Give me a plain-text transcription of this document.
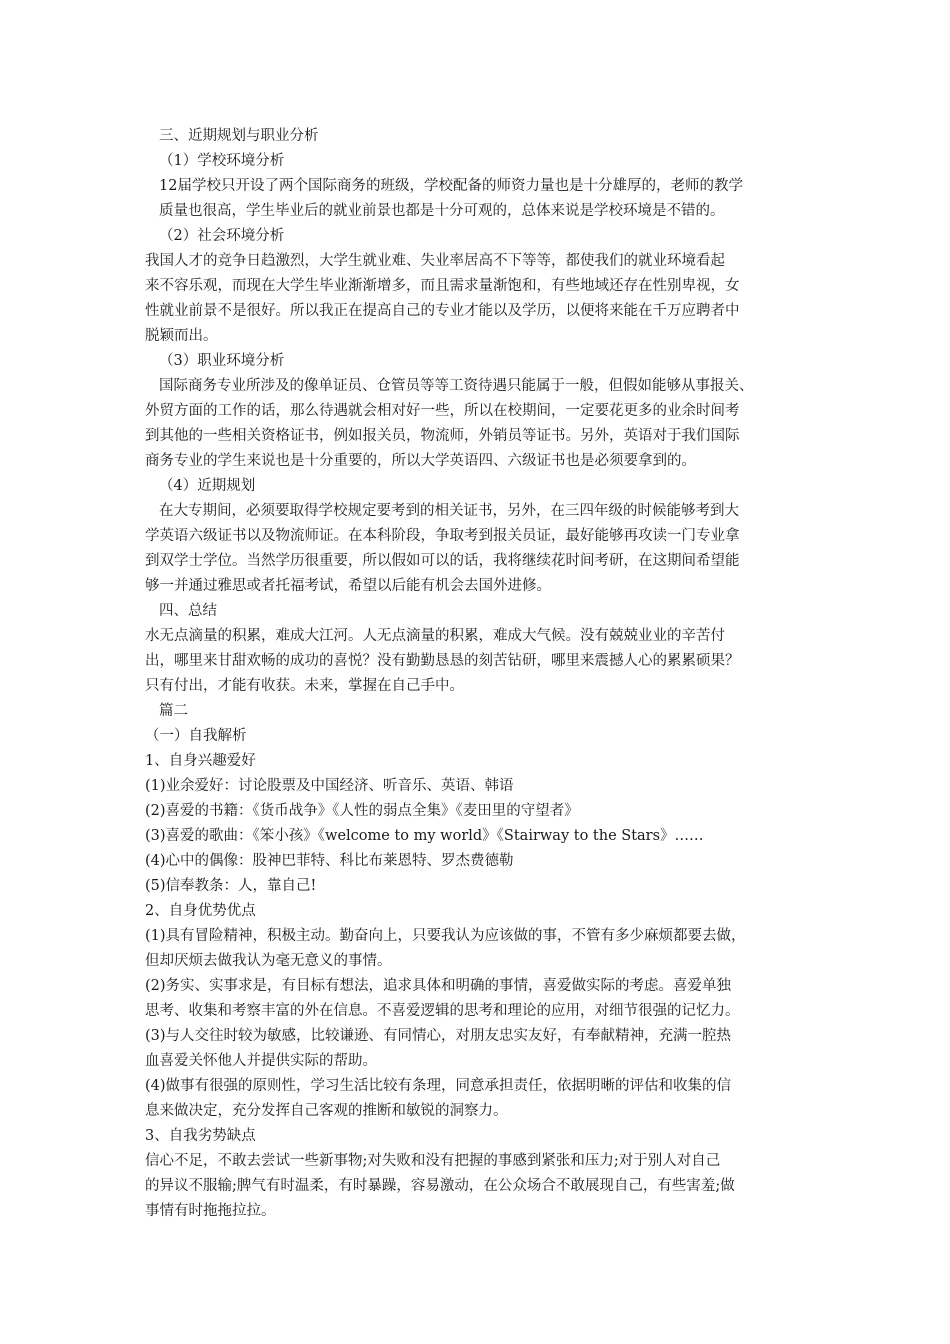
三、近期规划与职业分析
（1）学校环境分析
12届学校只开设了两个国际商务的班级，学校配备的师资力量也是十分雄厚的，老师的教学
质量也很高，学生毕业后的就业前景也都是十分可观的，总体来说是学校环境是不错的。
（2）社会环境分析
我国人才的竞争日趋激烈，大学生就业难、失业率居高不下等等，都使我们的就业环境看起
来不容乐观，而现在大学生毕业渐渐增多，而且需求量渐饱和，有些地域还存在性别卑视，女
性就业前景不是很好。所以我正在提高自己的专业才能以及学历，以便将来能在千万应聘者中
脱颖而出。
（3）职业环境分析
国际商务专业所涉及的像单证员、仓管员等等工资待遇只能属于一般，但假如能够从事报关、
外贸方面的工作的话，那么待遇就会相对好一些，所以在校期间，一定要花更多的业余时间考
到其他的一些相关资格证书，例如报关员，物流师，外销员等证书。另外，英语对于我们国际
商务专业的学生来说也是十分重要的，所以大学英语四、六级证书也是必须要拿到的。
（4）近期规划
在大专期间，必须要取得学校规定要考到的相关证书，另外，在三四年级的时候能够考到大
学英语六级证书以及物流师证。在本科阶段，争取考到报关员证，最好能够再攻读一门专业拿
到双学士学位。当然学历很重要，所以假如可以的话，我将继续花时间考研，在这期间希望能
够一并通过雅思或者托福考试，希望以后能有机会去国外进修。
四、总结
水无点滴量的积累，难成大江河。人无点滴量的积累，难成大气候。没有兢兢业业的辛苦付
出，哪里来甘甜欢畅的成功的喜悦？没有勤勤恳恳的刻苦钻研，哪里来震撼人心的累累硕果？
只有付出，才能有收获。未来，掌握在自己手中。
篇二
（一）自我解析
1、自身兴趣爱好
(1)业余爱好：讨论股票及中国经济、听音乐、英语、韩语
(2)喜爱的书籍：《货币战争》《人性的弱点全集》《麦田里的守望者》
(3)喜爱的歌曲：《笨小孩》《welcome to my world》《Stairway to the Stars》……
(4)心中的偶像：股神巴菲特、科比布莱恩特、罗杰费德勒
(5)信奉教条：人，靠自己!
2、自身优势优点
(1)具有冒险精神，积极主动。勤奋向上，只要我认为应该做的事，不管有多少麻烦都要去做，
但却厌烦去做我认为毫无意义的事情。
(2)务实、实事求是，有目标有想法，追求具体和明确的事情，喜爱做实际的考虑。喜爱单独
思考、收集和考察丰富的外在信息。不喜爱逻辑的思考和理论的应用，对细节很强的记忆力。
(3)与人交往时较为敏感，比较谦逊、有同情心，对朋友忠实友好，有奉献精神，充满一腔热
血喜爱关怀他人并提供实际的帮助。
(4)做事有很强的原则性，学习生活比较有条理，同意承担责任，依据明晰的评估和收集的信
息来做决定，充分发挥自己客观的推断和敏锐的洞察力。
3、自我劣势缺点
信心不足，不敢去尝试一些新事物;对失败和没有把握的事感到紧张和压力;对于别人对自己
的异议不服输;脾气有时温柔，有时暴躁，容易激动，在公众场合不敢展现自己，有些害羞;做
事情有时拖拖拉拉。
